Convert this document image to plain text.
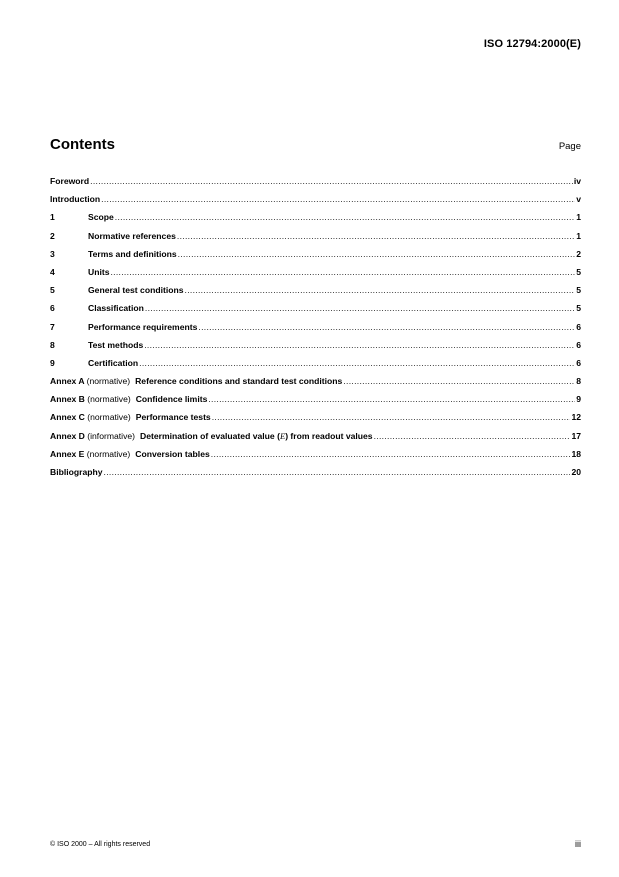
ISO 12794:2000(E)
Contents	Page
Foreword .....	iv
Introduction .....	v
1	Scope .....	1
2	Normative references .....	1
3	Terms and definitions .....	2
4	Units .....	5
5	General test conditions .....	5
6	Classification .....	5
7	Performance requirements .....	6
8	Test methods .....	6
9	Certification .....	6
Annex A (normative) Reference conditions and standard test conditions .....	8
Annex B (normative) Confidence limits .....	9
Annex C (normative) Performance tests .....	12
Annex D (informative) Determination of evaluated value (E) from readout values .....	17
Annex E (normative) Conversion tables .....	18
Bibliography .....	20
© ISO 2000 – All rights reserved	iii
